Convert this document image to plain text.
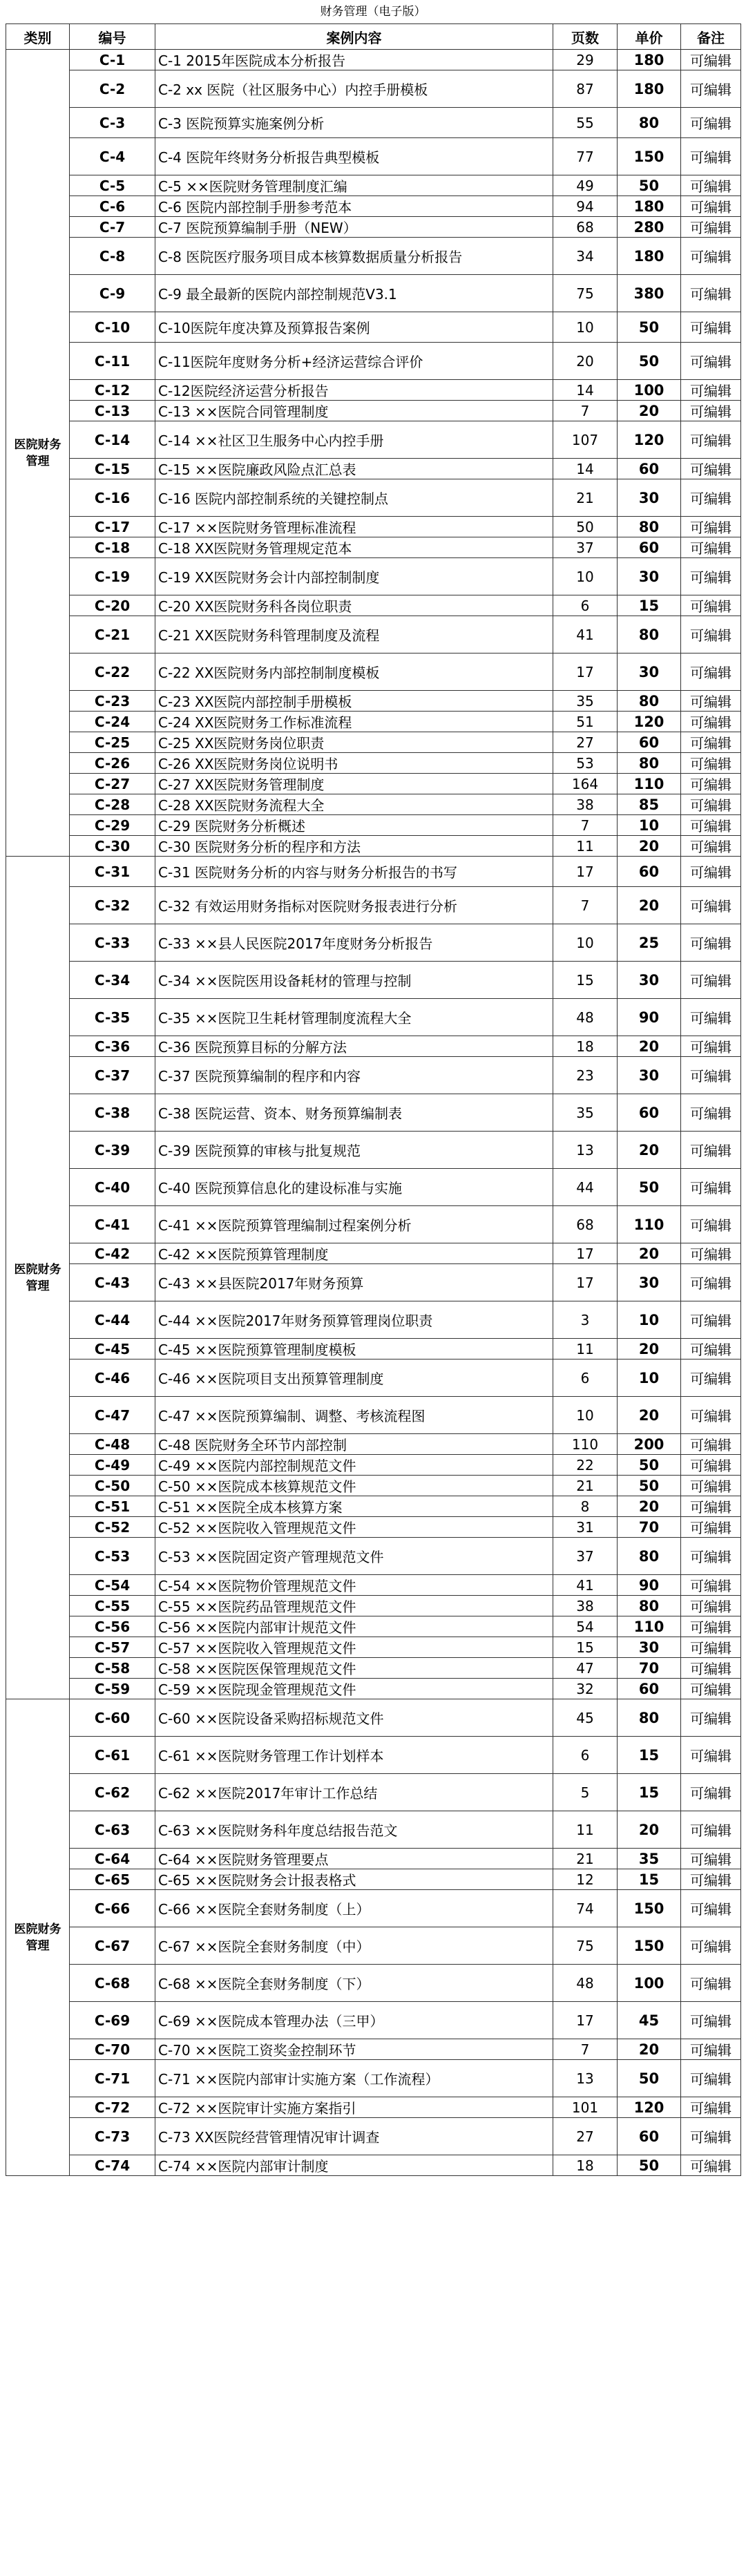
财务管理（电子版）
类别	编号	案例内容	页数	单价	备注
医院财务
管理	C-1	C-1 2015年医院成本分析报告	29	180	可编辑
	C-2	C-2 xx 医院（社区服务中心）内控手册模板	87	180	可编辑
	C-3	C-3 医院预算实施案例分析	55	80	可编辑
	C-4	C-4 医院年终财务分析报告典型模板	77	150	可编辑
	C-5	C-5 ××医院财务管理制度汇编	49	50	可编辑
	C-6	C-6 医院内部控制手册参考范本	94	180	可编辑
	C-7	C-7 医院预算编制手册（NEW）	68	280	可编辑
	C-8	C-8 医院医疗服务项目成本核算数据质量分析报告	34	180	可编辑
	C-9	C-9 最全最新的医院内部控制规范V3.1	75	380	可编辑
	C-10	C-10医院年度决算及预算报告案例	10	50	可编辑
	C-11	C-11医院年度财务分析+经济运营综合评价	20	50	可编辑
	C-12	C-12医院经济运营分析报告	14	100	可编辑
	C-13	C-13 ××医院合同管理制度	7	20	可编辑
	C-14	C-14 ××社区卫生服务中心内控手册	107	120	可编辑
	C-15	C-15 ××医院廉政风险点汇总表	14	60	可编辑
	C-16	C-16 医院内部控制系统的关键控制点	21	30	可编辑
	C-17	C-17 ××医院财务管理标准流程	50	80	可编辑
	C-18	C-18 XX医院财务管理规定范本	37	60	可编辑
	C-19	C-19 XX医院财务会计内部控制制度	10	30	可编辑
	C-20	C-20 XX医院财务科各岗位职责	6	15	可编辑
	C-21	C-21 XX医院财务科管理制度及流程	41	80	可编辑
	C-22	C-22 XX医院财务内部控制制度模板	17	30	可编辑
	C-23	C-23 XX医院内部控制手册模板	35	80	可编辑
	C-24	C-24 XX医院财务工作标准流程	51	120	可编辑
	C-25	C-25 XX医院财务岗位职责	27	60	可编辑
	C-26	C-26 XX医院财务岗位说明书	53	80	可编辑
	C-27	C-27 XX医院财务管理制度	164	110	可编辑
	C-28	C-28 XX医院财务流程大全	38	85	可编辑
	C-29	C-29 医院财务分析概述	7	10	可编辑
	C-30	C-30 医院财务分析的程序和方法	11	20	可编辑
医院财务
管理	C-31	C-31 医院财务分析的内容与财务分析报告的书写	17	60	可编辑
	C-32	C-32 有效运用财务指标对医院财务报表进行分析	7	20	可编辑
	C-33	C-33 ××县人民医院2017年度财务分析报告	10	25	可编辑
	C-34	C-34 ××医院医用设备耗材的管理与控制	15	30	可编辑
	C-35	C-35 ××医院卫生耗材管理制度流程大全	48	90	可编辑
	C-36	C-36 医院预算目标的分解方法	18	20	可编辑
	C-37	C-37 医院预算编制的程序和内容	23	30	可编辑
	C-38	C-38 医院运营、资本、财务预算编制表	35	60	可编辑
	C-39	C-39 医院预算的审核与批复规范	13	20	可编辑
	C-40	C-40 医院预算信息化的建设标准与实施	44	50	可编辑
	C-41	C-41 ××医院预算管理编制过程案例分析	68	110	可编辑
	C-42	C-42 ××医院预算管理制度	17	20	可编辑
	C-43	C-43 ××县医院2017年财务预算	17	30	可编辑
	C-44	C-44 ××医院2017年财务预算管理岗位职责	3	10	可编辑
	C-45	C-45 ××医院预算管理制度模板	11	20	可编辑
	C-46	C-46 ××医院项目支出预算管理制度	6	10	可编辑
	C-47	C-47 ××医院预算编制、调整、考核流程图	10	20	可编辑
	C-48	C-48 医院财务全环节内部控制	110	200	可编辑
	C-49	C-49 ××医院内部控制规范文件	22	50	可编辑
	C-50	C-50 ××医院成本核算规范文件	21	50	可编辑
	C-51	C-51 ××医院全成本核算方案	8	20	可编辑
	C-52	C-52 ××医院收入管理规范文件	31	70	可编辑
	C-53	C-53 ××医院固定资产管理规范文件	37	80	可编辑
	C-54	C-54 ××医院物价管理规范文件	41	90	可编辑
	C-55	C-55 ××医院药品管理规范文件	38	80	可编辑
	C-56	C-56 ××医院内部审计规范文件	54	110	可编辑
	C-57	C-57 ××医院收入管理规范文件	15	30	可编辑
	C-58	C-58 ××医院医保管理规范文件	47	70	可编辑
	C-59	C-59 ××医院现金管理规范文件	32	60	可编辑
医院财务
管理	C-60	C-60 ××医院设备采购招标规范文件	45	80	可编辑
	C-61	C-61 ××医院财务管理工作计划样本	6	15	可编辑
	C-62	C-62 ××医院2017年审计工作总结	5	15	可编辑
	C-63	C-63 ××医院财务科年度总结报告范文	11	20	可编辑
	C-64	C-64 ××医院财务管理要点	21	35	可编辑
	C-65	C-65 ××医院财务会计报表格式	12	15	可编辑
	C-66	C-66 ××医院全套财务制度（上）	74	150	可编辑
	C-67	C-67 ××医院全套财务制度（中）	75	150	可编辑
	C-68	C-68 ××医院全套财务制度（下）	48	100	可编辑
	C-69	C-69 ××医院成本管理办法（三甲）	17	45	可编辑
	C-70	C-70 ××医院工资奖金控制环节	7	20	可编辑
	C-71	C-71 ××医院内部审计实施方案（工作流程）	13	50	可编辑
	C-72	C-72 ××医院审计实施方案指引	101	120	可编辑
	C-73	C-73 XX医院经营管理情况审计调查	27	60	可编辑
	C-74	C-74 ××医院内部审计制度	18	50	可编辑
